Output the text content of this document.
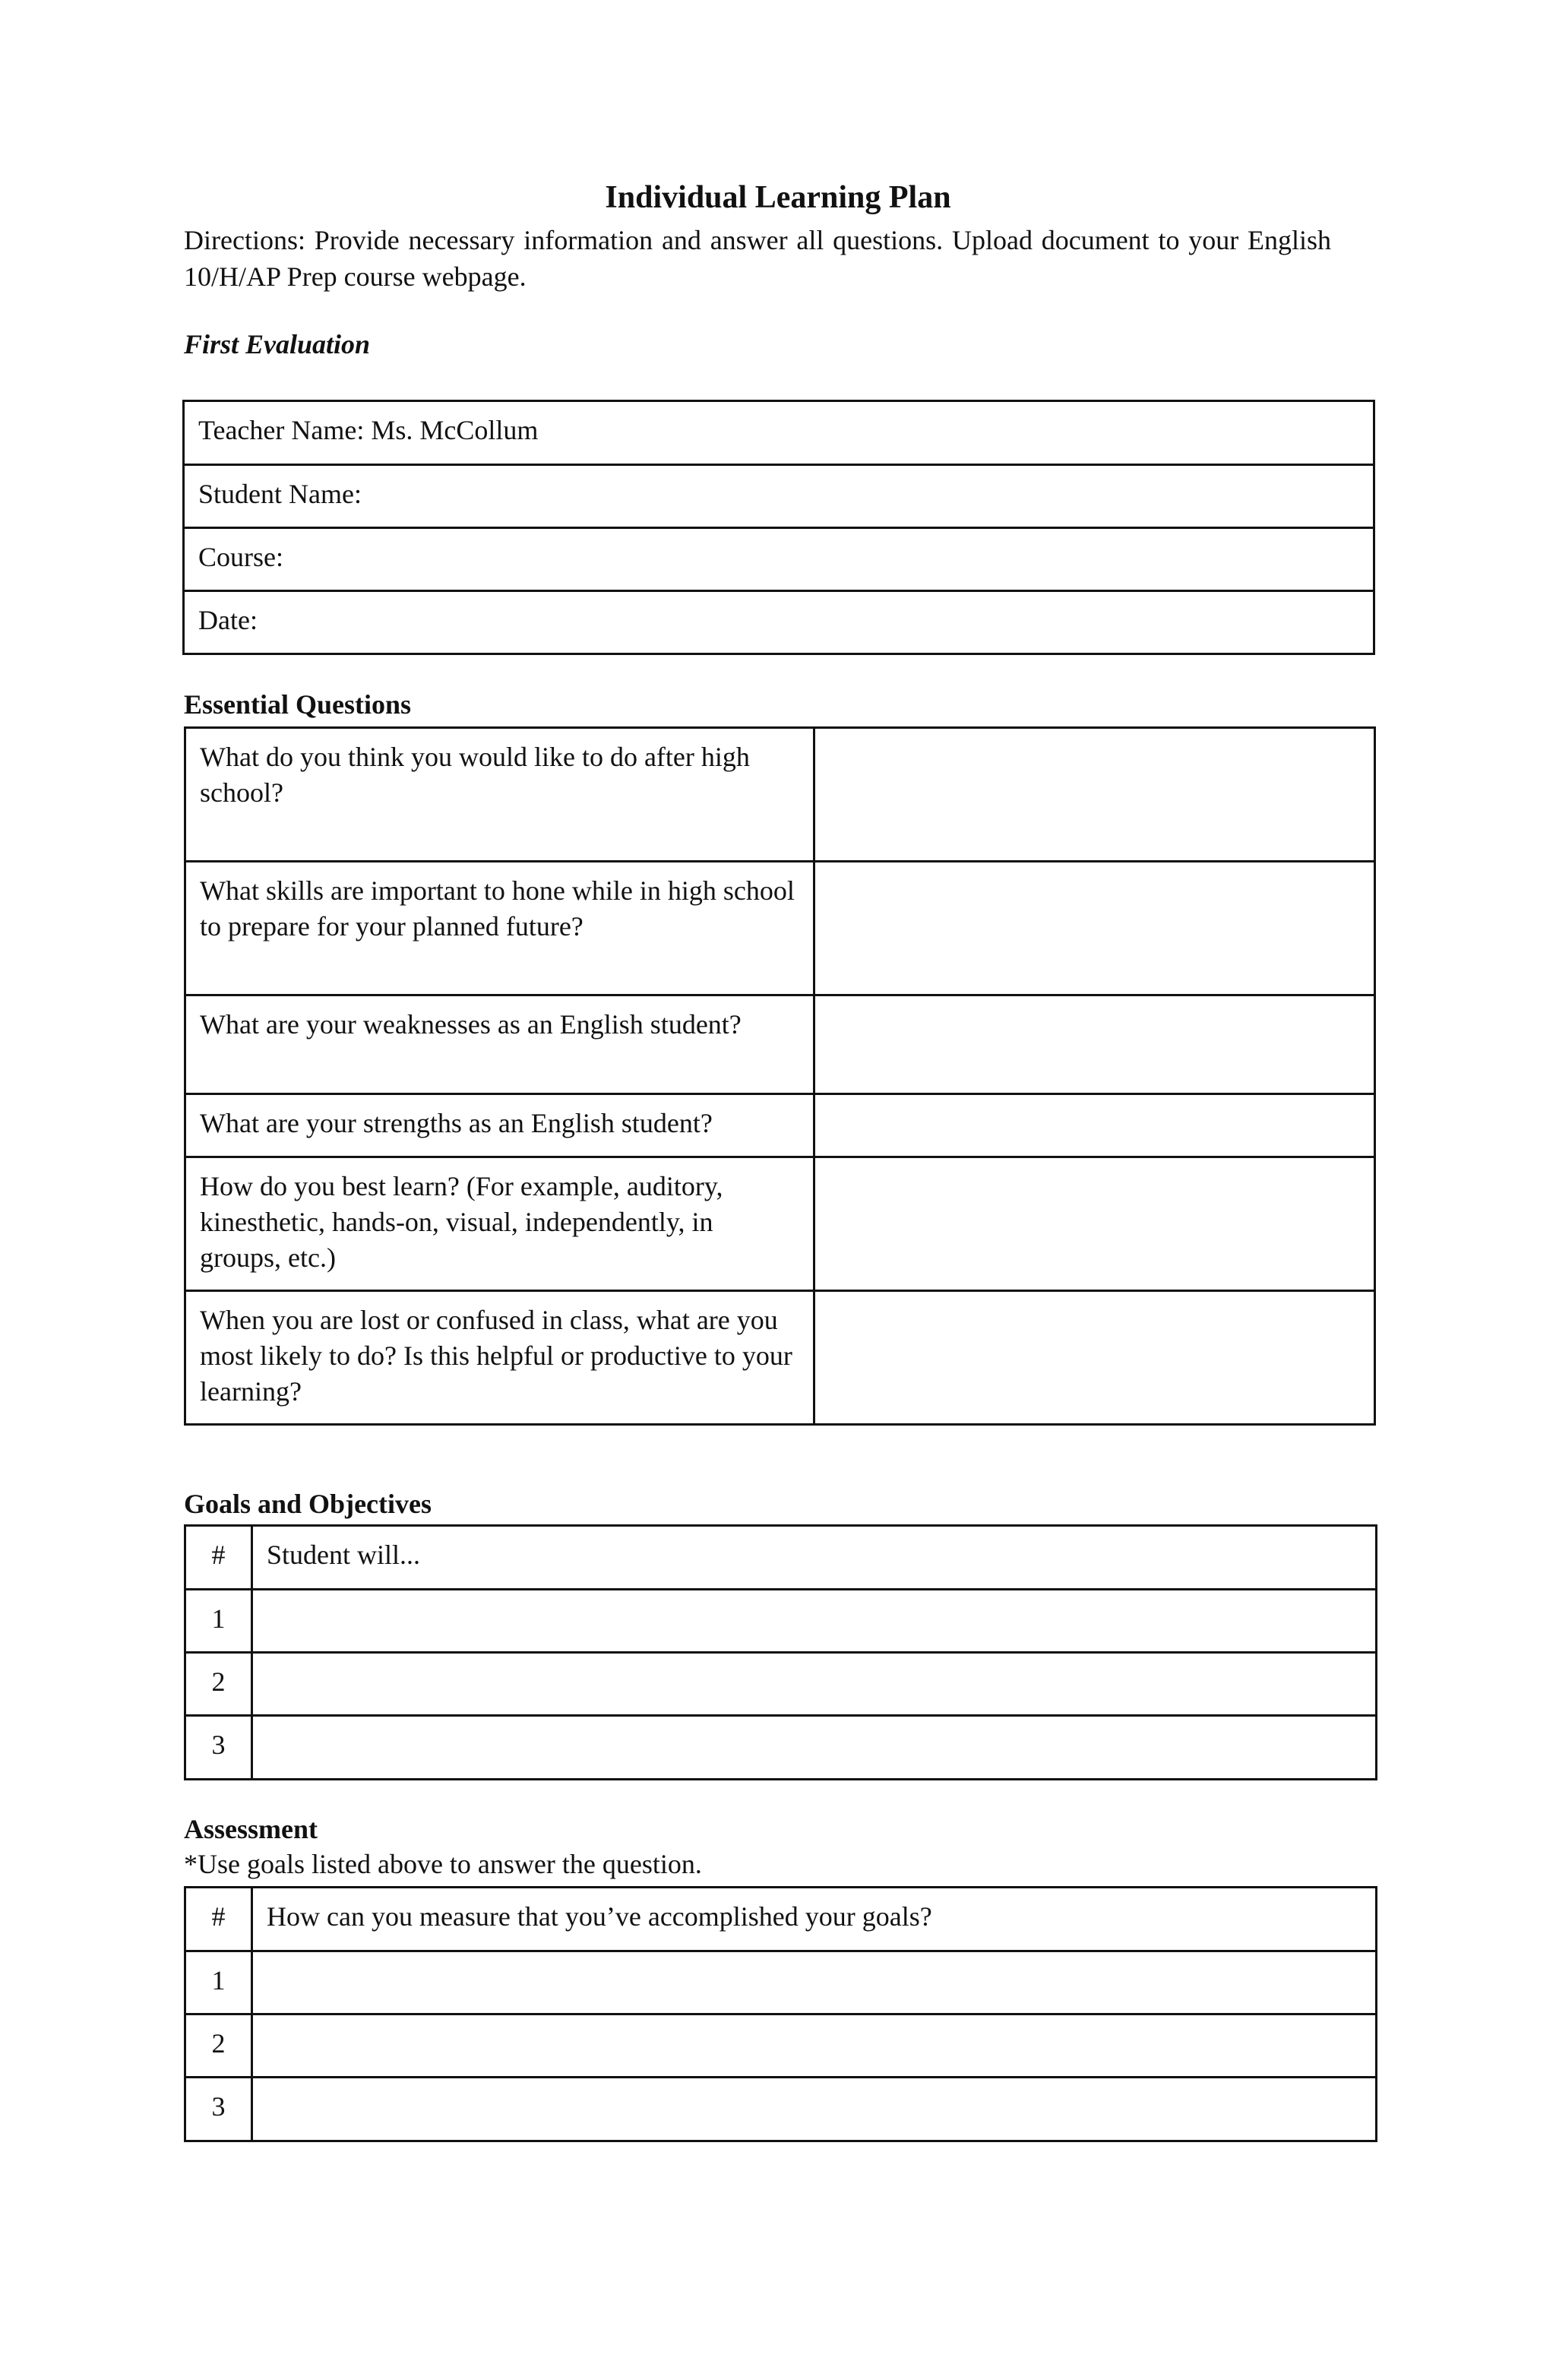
Individual Learning Plan

Directions: Provide necessary information and answer all questions. Upload document to your English 10/H/AP Prep course webpage.

First Evaluation

Teacher Name: Ms. McCollum
Student Name:
Course:
Date:

Essential Questions

What do you think you would like to do after high school?	
What skills are important to hone while in high school to prepare for your planned future?	
What are your weaknesses as an English student?	
What are your strengths as an English student?	
How do you best learn? (For example, auditory, kinesthetic, hands-on, visual, independently, in groups, etc.)	
When you are lost or confused in class, what are you most likely to do? Is this helpful or productive to your learning?	

Goals and Objectives

#	Student will...
1	
2	
3	

Assessment

*Use goals listed above to answer the question.

#	How can you measure that you’ve accomplished your goals?
1	
2	
3	
